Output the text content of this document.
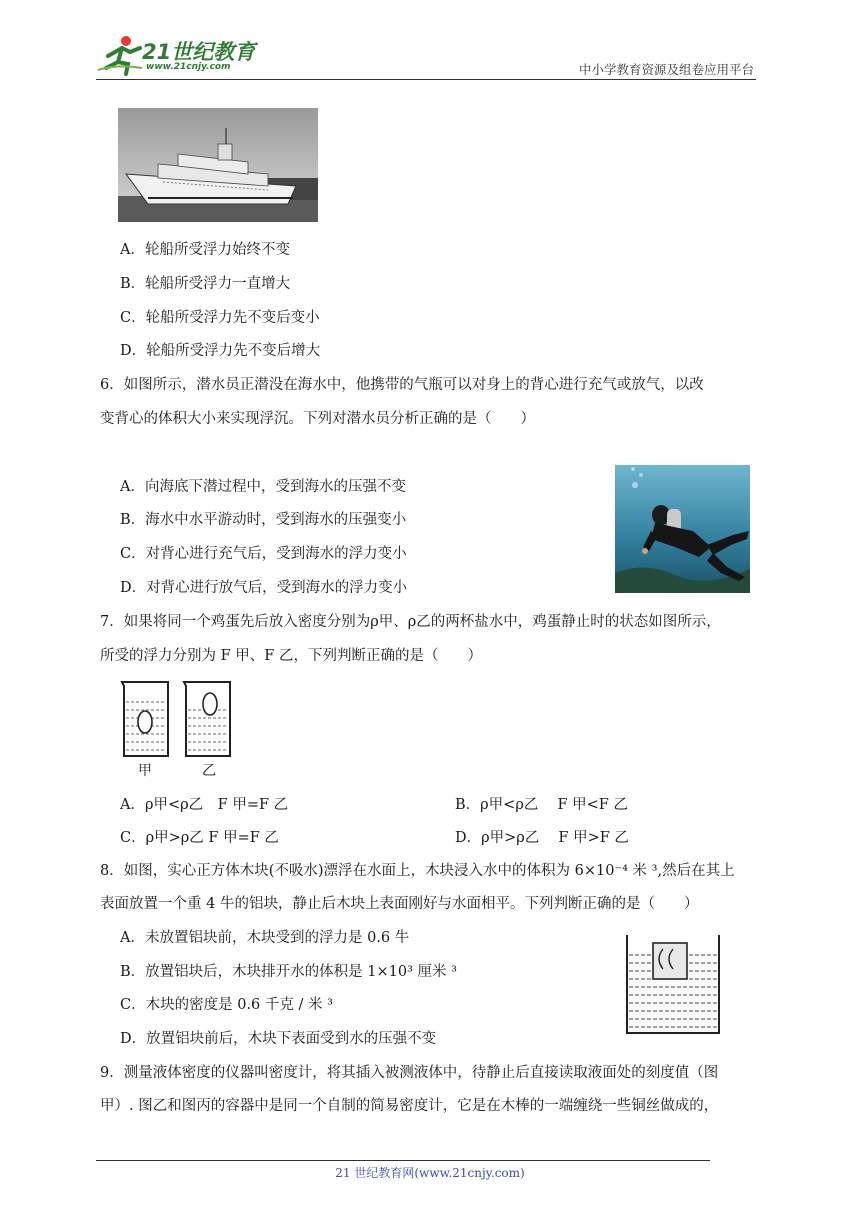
21世纪教育
www.21cnjy.com	中小学教育资源及组卷应用平台
A．轮船所受浮力始终不变
B．轮船所受浮力一直增大
C．轮船所受浮力先不变后变小
D．轮船所受浮力先不变后增大
6．如图所示，潜水员正潜没在海水中，他携带的气瓶可以对身上的背心进行充气或放气，以改
变背心的体积大小来实现浮沉。下列对潜水员分析正确的是（　　）
A．向海底下潜过程中，受到海水的压强不变
B．海水中水平游动时，受到海水的压强变小
C．对背心进行充气后，受到海水的浮力变小
D．对背心进行放气后，受到海水的浮力变小
7．如果将同一个鸡蛋先后放入密度分别为ρ甲、ρ乙的两杯盐水中，鸡蛋静止时的状态如图所示，
所受的浮力分别为 F 甲、F 乙，下列判断正确的是（　　）
甲	乙
A．ρ甲<ρ乙　F 甲=F 乙	B．ρ甲<ρ乙　 F 甲<F 乙
C．ρ甲>ρ乙 F 甲=F 乙	D．ρ甲>ρ乙　 F 甲>F 乙
8．如图，实心正方体木块(不吸水)漂浮在水面上，木块浸入水中的体积为 6×10⁻⁴ 米 ³,然后在其上
表面放置一个重 4 牛的铝块，静止后木块上表面刚好与水面相平。下列判断正确的是（　　）
A．未放置铝块前，木块受到的浮力是 0.6 牛
B．放置铝块后，木块排开水的体积是 1×10³ 厘米 ³
C．木块的密度是 0.6 千克 / 米 ³
D．放置铝块前后，木块下表面受到水的压强不变
9．测量液体密度的仪器叫密度计，将其插入被测液体中，待静止后直接读取液面处的刻度值（图
甲）. 图乙和图丙的容器中是同一个自制的简易密度计，它是在木棒的一端缠绕一些铜丝做成的，
21 世纪教育网(www.21cnjy.com)
